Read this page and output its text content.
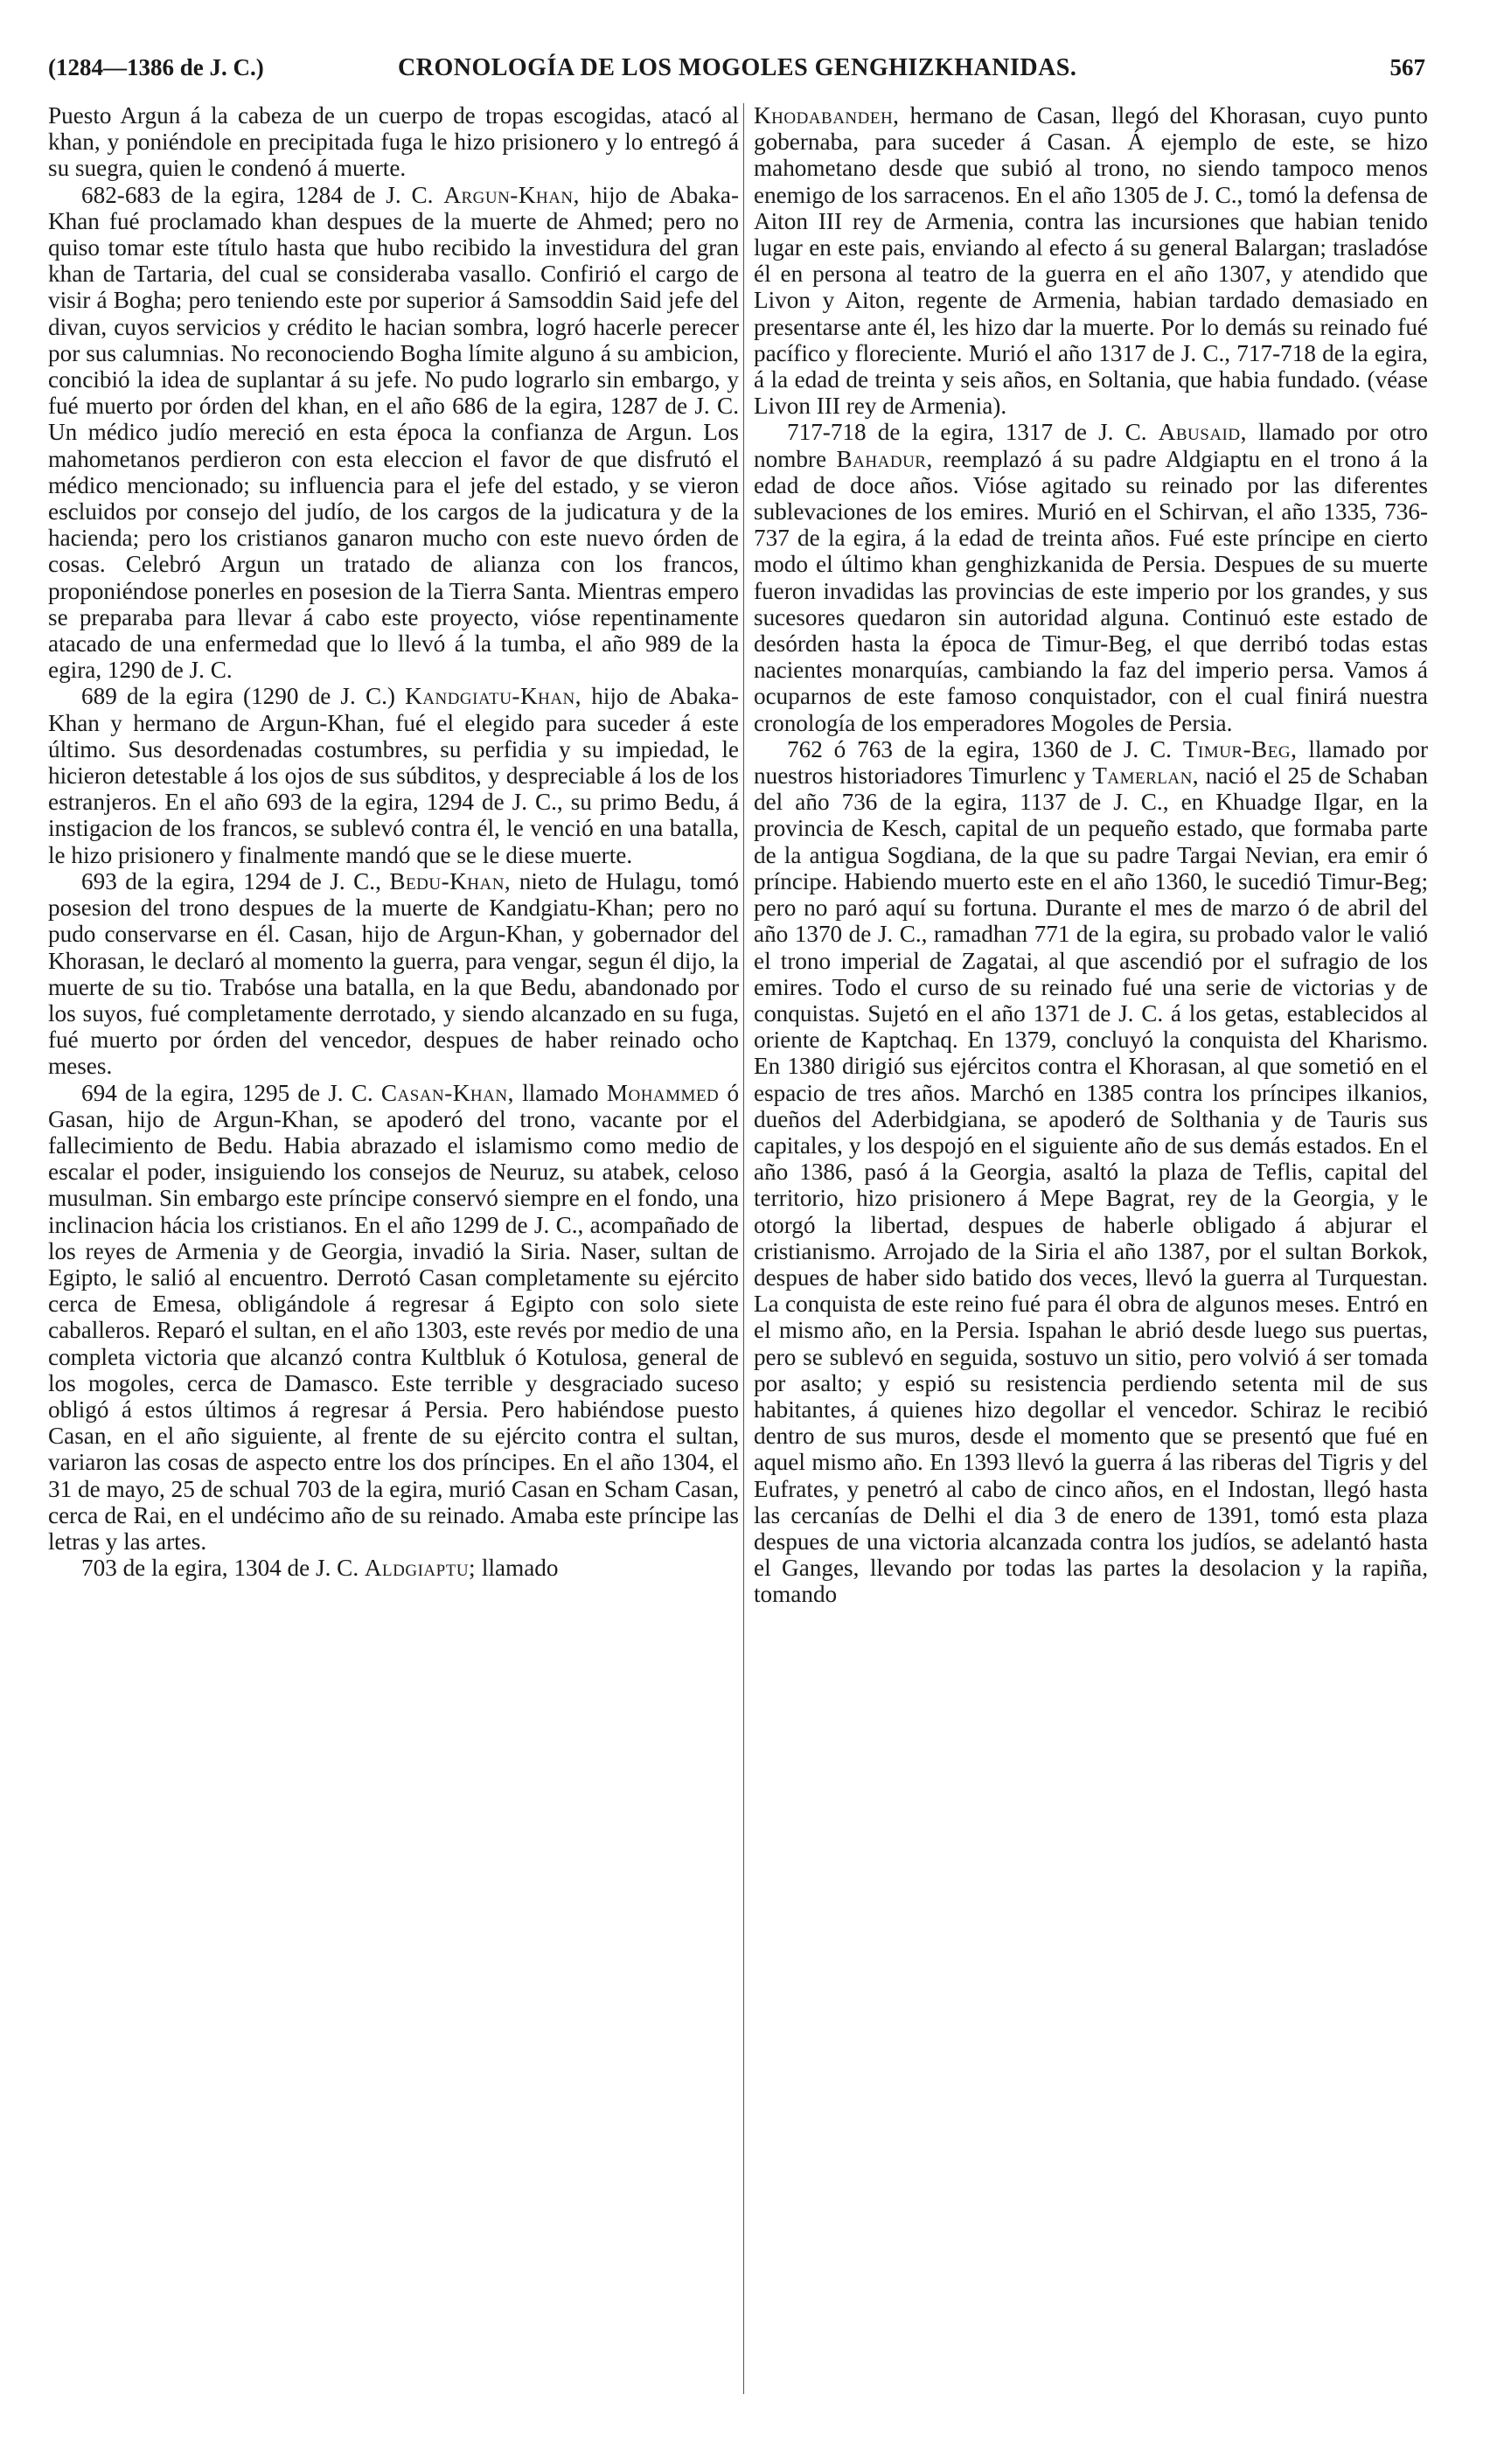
(1284—1386 de J. C.)	CRONOLOGÍA DE LOS MOGOLES GENGHIZKHANIDAS.	567

Puesto Argun á la cabeza de un cuerpo de tropas escogidas, atacó al khan, y poniéndole en precipitada fuga le hizo prisionero y lo entregó á su suegra, quien le condenó á muerte.

682-683 de la egira, 1284 de J. C. Argun-Khan, hijo de Abaka-Khan fué proclamado khan despues de la muerte de Ahmed; pero no quiso tomar este título hasta que hubo recibido la investidura del gran khan de Tartaria, del cual se consideraba vasallo. Confirió el cargo de visir á Bogha; pero teniendo este por superior á Samsoddin Said jefe del divan, cuyos servicios y crédito le hacian sombra, logró hacerle perecer por sus calumnias. No reconociendo Bogha límite alguno á su ambicion, concibió la idea de suplantar á su jefe. No pudo lograrlo sin embargo, y fué muerto por órden del khan, en el año 686 de la egira, 1287 de J. C. Un médico judío mereció en esta época la confianza de Argun. Los mahometanos perdieron con esta eleccion el favor de que disfrutó el médico mencionado; su influencia para el jefe del estado, y se vieron escluidos por consejo del judío, de los cargos de la judicatura y de la hacienda; pero los cristianos ganaron mucho con este nuevo órden de cosas. Celebró Argun un tratado de alianza con los francos, proponiéndose ponerles en posesion de la Tierra Santa. Mientras empero se preparaba para llevar á cabo este proyecto, vióse repentinamente atacado de una enfermedad que lo llevó á la tumba, el año 989 de la egira, 1290 de J. C.

689 de la egira (1290 de J. C.) Kandgiatu-Khan, hijo de Abaka-Khan y hermano de Argun-Khan, fué el elegido para suceder á este último. Sus desordenadas costumbres, su perfidia y su impiedad, le hicieron detestable á los ojos de sus súbditos, y despreciable á los de los estranjeros. En el año 693 de la egira, 1294 de J. C., su primo Bedu, á instigacion de los francos, se sublevó contra él, le venció en una batalla, le hizo prisionero y finalmente mandó que se le diese muerte.

693 de la egira, 1294 de J. C., Bedu-Khan, nieto de Hulagu, tomó posesion del trono despues de la muerte de Kandgiatu-Khan; pero no pudo conservarse en él. Casan, hijo de Argun-Khan, y gobernador del Khorasan, le declaró al momento la guerra, para vengar, segun él dijo, la muerte de su tio. Trabóse una batalla, en la que Bedu, abandonado por los suyos, fué completamente derrotado, y siendo alcanzado en su fuga, fué muerto por órden del vencedor, despues de haber reinado ocho meses.

694 de la egira, 1295 de J. C. Casan-Khan, llamado Mohammed ó Gasan, hijo de Argun-Khan, se apoderó del trono, vacante por el fallecimiento de Bedu. Habia abrazado el islamismo como medio de escalar el poder, insiguiendo los consejos de Neuruz, su atabek, celoso musulman. Sin embargo este príncipe conservó siempre en el fondo, una inclinacion hácia los cristianos. En el año 1299 de J. C., acompañado de los reyes de Armenia y de Georgia, invadió la Siria. Naser, sultan de Egipto, le salió al encuentro. Derrotó Casan completamente su ejército cerca de Emesa, obligándole á regresar á Egipto con solo siete caballeros. Reparó el sultan, en el año 1303, este revés por medio de una completa victoria que alcanzó contra Kultbluk ó Kotulosa, general de los mogoles, cerca de Damasco. Este terrible y desgraciado suceso obligó á estos últimos á regresar á Persia. Pero habiéndose puesto Casan, en el año siguiente, al frente de su ejército contra el sultan, variaron las cosas de aspecto entre los dos príncipes. En el año 1304, el 31 de mayo, 25 de schual 703 de la egira, murió Casan en Scham Casan, cerca de Rai, en el undécimo año de su reinado. Amaba este príncipe las letras y las artes.

703 de la egira, 1304 de J. C. Aldgiaptu; llamado

Khodabandeh, hermano de Casan, llegó del Khorasan, cuyo punto gobernaba, para suceder á Casan. Á ejemplo de este, se hizo mahometano desde que subió al trono, no siendo tampoco menos enemigo de los sarracenos. En el año 1305 de J. C., tomó la defensa de Aiton III rey de Armenia, contra las incursiones que habian tenido lugar en este pais, enviando al efecto á su general Balargan; trasladóse él en persona al teatro de la guerra en el año 1307, y atendido que Livon y Aiton, regente de Armenia, habian tardado demasiado en presentarse ante él, les hizo dar la muerte. Por lo demás su reinado fué pacífico y floreciente. Murió el año 1317 de J. C., 717-718 de la egira, á la edad de treinta y seis años, en Soltania, que habia fundado. (véase Livon III rey de Armenia).

717-718 de la egira, 1317 de J. C. Abusaid, llamado por otro nombre Bahadur, reemplazó á su padre Aldgiaptu en el trono á la edad de doce años. Vióse agitado su reinado por las diferentes sublevaciones de los emires. Murió en el Schirvan, el año 1335, 736-737 de la egira, á la edad de treinta años. Fué este príncipe en cierto modo el último khan genghizkanida de Persia. Despues de su muerte fueron invadidas las provincias de este imperio por los grandes, y sus sucesores quedaron sin autoridad alguna. Continuó este estado de desórden hasta la época de Timur-Beg, el que derribó todas estas nacientes monarquías, cambiando la faz del imperio persa. Vamos á ocuparnos de este famoso conquistador, con el cual finirá nuestra cronología de los emperadores Mogoles de Persia.

762 ó 763 de la egira, 1360 de J. C. Timur-Beg, llamado por nuestros historiadores Timurlenc y Tamerlan, nació el 25 de Schaban del año 736 de la egira, 1137 de J. C., en Khuadge Ilgar, en la provincia de Kesch, capital de un pequeño estado, que formaba parte de la antigua Sogdiana, de la que su padre Targai Nevian, era emir ó príncipe. Habiendo muerto este en el año 1360, le sucedió Timur-Beg; pero no paró aquí su fortuna. Durante el mes de marzo ó de abril del año 1370 de J. C., ramadhan 771 de la egira, su probado valor le valió el trono imperial de Zagatai, al que ascendió por el sufragio de los emires. Todo el curso de su reinado fué una serie de victorias y de conquistas. Sujetó en el año 1371 de J. C. á los getas, establecidos al oriente de Kaptchaq. En 1379, concluyó la conquista del Kharismo. En 1380 dirigió sus ejércitos contra el Khorasan, al que sometió en el espacio de tres años. Marchó en 1385 contra los príncipes ilkanios, dueños del Aderbidgiana, se apoderó de Solthania y de Tauris sus capitales, y los despojó en el siguiente año de sus demás estados. En el año 1386, pasó á la Georgia, asaltó la plaza de Teflis, capital del territorio, hizo prisionero á Mepe Bagrat, rey de la Georgia, y le otorgó la libertad, despues de haberle obligado á abjurar el cristianismo. Arrojado de la Siria el año 1387, por el sultan Borkok, despues de haber sido batido dos veces, llevó la guerra al Turquestan. La conquista de este reino fué para él obra de algunos meses. Entró en el mismo año, en la Persia. Ispahan le abrió desde luego sus puertas, pero se sublevó en seguida, sostuvo un sitio, pero volvió á ser tomada por asalto; y espió su resistencia perdiendo setenta mil de sus habitantes, á quienes hizo degollar el vencedor. Schiraz le recibió dentro de sus muros, desde el momento que se presentó que fué en aquel mismo año. En 1393 llevó la guerra á las riberas del Tigris y del Eufrates, y penetró al cabo de cinco años, en el Indostan, llegó hasta las cercanías de Delhi el dia 3 de enero de 1391, tomó esta plaza despues de una victoria alcanzada contra los judíos, se adelantó hasta el Ganges, llevando por todas las partes la desolacion y la rapiña, tomando
